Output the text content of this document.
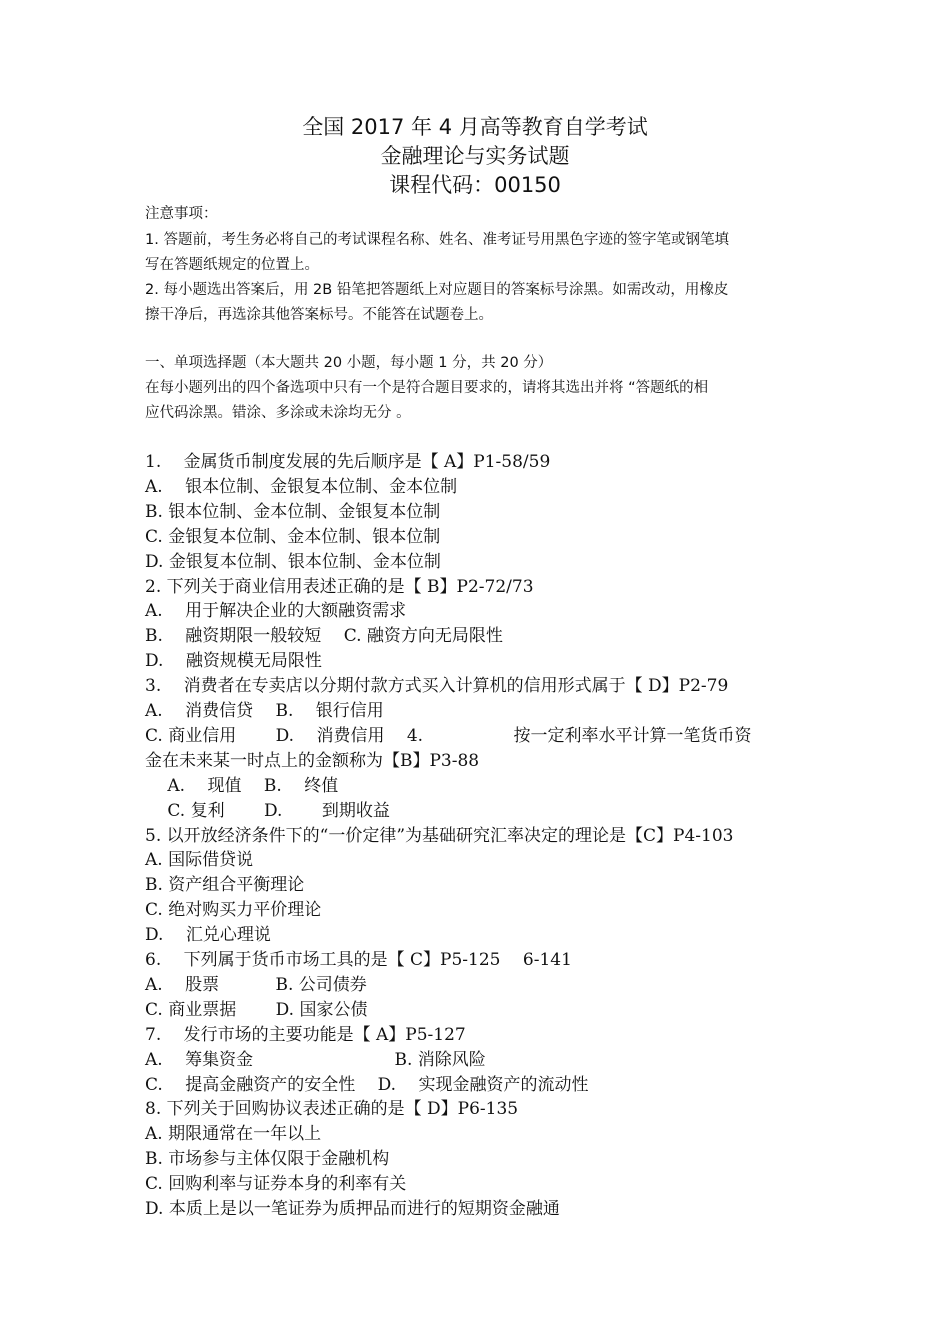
全国 2017 年 4 月高等教育自学考试
金融理论与实务试题
课程代码：00150
注意事项：
1. 答题前，考生务必将自己的考试课程名称、姓名、准考证号用黑色字迹的签字笔或钢笔填
写在答题纸规定的位置上。
2. 每小题选出答案后，用 2B 铅笔把答题纸上对应题目的答案标号涂黑。如需改动，用橡皮
擦干净后，再选涂其他答案标号。不能答在试题卷上。
一、单项选择题（本大题共 20 小题，每小题 1 分，共 20 分）
在每小题列出的四个备选项中只有一个是符合题目要求的，请将其选出并将 “答题纸的相
应代码涂黑。错涂、多涂或未涂均无分 。
1.　 金属货币制度发展的先后顺序是【 A】P1-58/59
A.　 银本位制、金银复本位制、金本位制
B. 银本位制、金本位制、金银复本位制
C. 金银复本位制、金本位制、银本位制
D. 金银复本位制、银本位制、金本位制
2. 下列关于商业信用表述正确的是【 B】P2-72/73
A.　 用于解决企业的大额融资需求
B.　 融资期限一般较短　 C. 融资方向无局限性
D.　 融资规模无局限性
3.　 消费者在专卖店以分期付款方式买入计算机的信用形式属于【 D】P2-79
A.　 消费信贷　 B.　 银行信用
C. 商业信用　　 D.　 消费信用　 4.　　　　　 按一定利率水平计算一笔货币资
金在未来某一时点上的金额称为【B】P3-88
　 A.　 现值　 B.　 终值
　 C. 复利　　 D.　　 到期收益
5. 以开放经济条件下的“一价定律”为基础研究汇率决定的理论是【C】P4-103
A. 国际借贷说
B. 资产组合平衡理论
C. 绝对购买力平价理论
D.　 汇兑心理说
6.　 下列属于货币市场工具的是【 C】P5-125　 6-141
A.　 股票　　　 B. 公司债券
C. 商业票据　　 D. 国家公债
7.　 发行市场的主要功能是【 A】P5-127
A.　 筹集资金　　　　　　　　 B. 消除风险
C.　 提高金融资产的安全性　 D.　 实现金融资产的流动性
8. 下列关于回购协议表述正确的是【 D】P6-135
A. 期限通常在一年以上
B. 市场参与主体仅限于金融机构
C. 回购利率与证券本身的利率有关
D. 本质上是以一笔证券为质押品而进行的短期资金融通
